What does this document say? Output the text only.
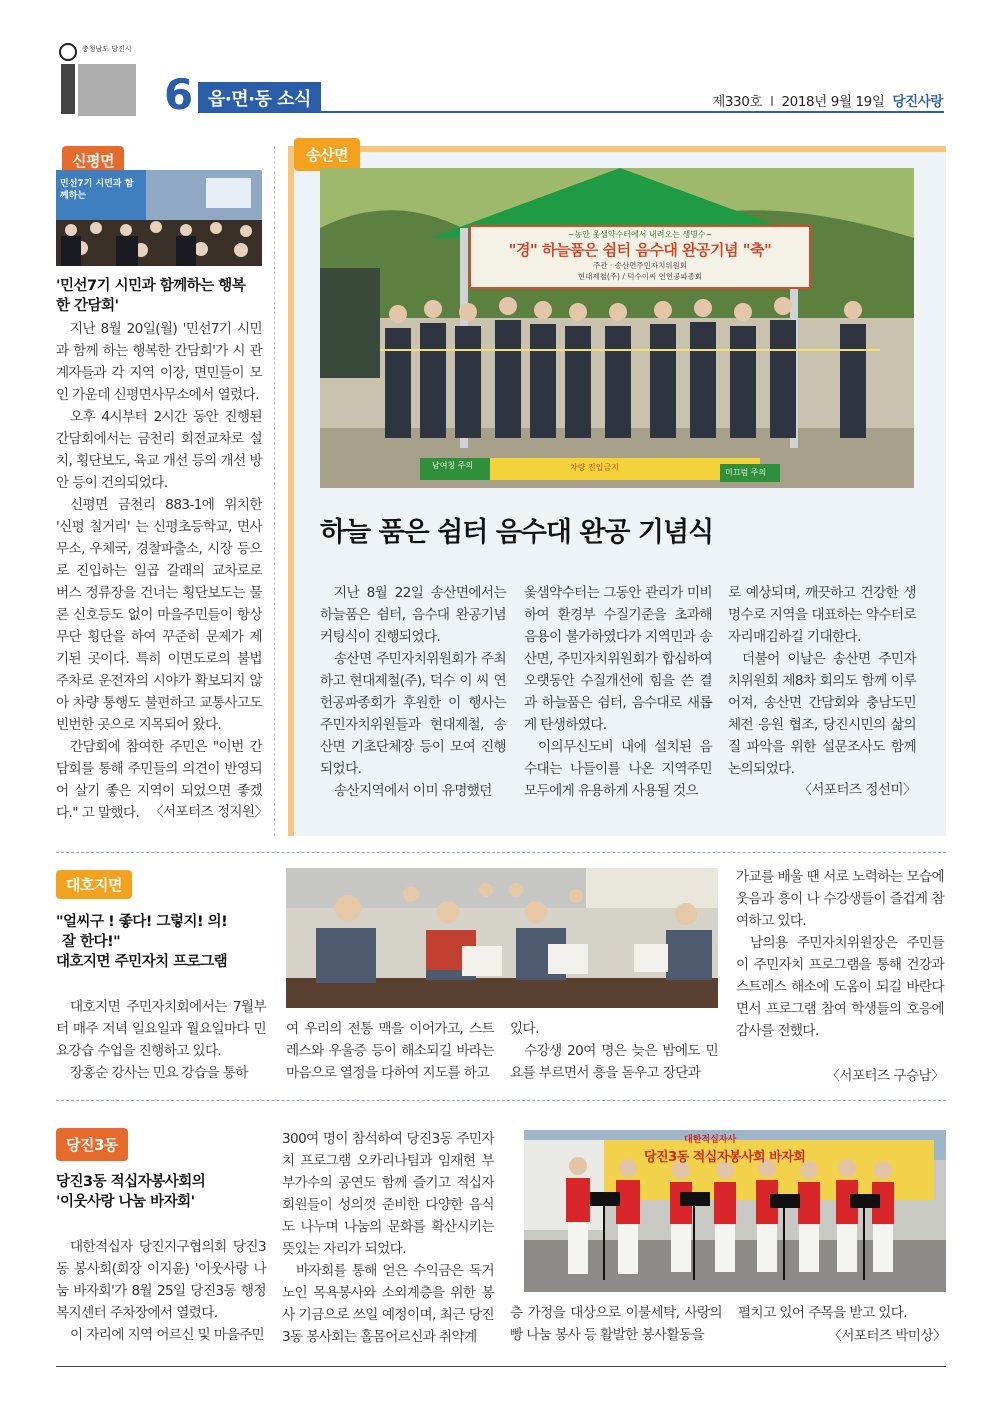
충청남도 당진시
6 읍·면·동 소식	제330호 I 2018년 9월 19일 당진사랑
신평면
민선7기 시민과 함께하는
'민선7기 시민과 함께하는 행복한 간담회'

지난 8월 20일(월) '민선7기 시민과 함께 하는 행복한 간담회'가 시 관계자들과 각 지역 이장, 면민들이 모인 가운데 신평면사무소에서 열렸다.

오후 4시부터 2시간 동안 진행된 간담회에서는 금천리 회전교차로 설치, 횡단보도, 육교 개선 등의 개선 방안 등이 건의되었다.

신평면 금천리 883-1에 위치한 '신평 칠거리' 는 신평초등학교, 면사무소, 우체국, 경찰파출소, 시장 등으로 진입하는 일곱 갈래의 교차로로 버스 정류장을 건너는 횡단보도는 물론 신호등도 없이 마을주민들이 항상 무단 횡단을 하여 꾸준히 문제가 제기된 곳이다. 특히 이면도로의 불법 주차로 운전자의 시야가 확보되지 않아 차량 통행도 불편하고 교통사고도 빈번한 곳으로 지목되어 왔다.

간담회에 참여한 주민은 "이번 간담회를 통해 주민들의 의견이 반영되어 살기 좋은 지역이 되었으면 좋겠다." 고 말했다. 〈서포터즈 정지원〉
송산면
~농안 옻샘약수터에서 내려오는 생명수~
"경" 하늘품은 쉼터 음수대 완공기념 "축"
주관 · 송산면주민자치위원회
현대제철(주) / 덕수이씨 연헌공파종회
남여칭 주의	차량 진입금지
미끄럼 주의
하늘 품은 쉼터 음수대 완공 기념식

지난 8월 22일 송산면에서는 하늘품은 쉼터, 음수대 완공기념 커팅식이 진행되었다.

송산면 주민자치위원회가 주최하고 현대제철(주), 덕수 이 씨 연헌공파종회가 후원한 이 행사는 주민자치위원들과 현대제철, 송산면 기초단체장 등이 모여 진행되었다.

송산지역에서 이미 유명했던

옻샘약수터는 그동안 관리가 미비하여 환경부 수질기준을 초과해 음용이 불가하였다가 지역민과 송산면, 주민자치위원회가 합심하여 오랫동안 수질개선에 힘을 쓴 결과 하늘품은 쉼터, 음수대로 새롭게 탄생하였다.

이의무신도비 내에 설치된 음수대는 나들이를 나온 지역주민 모두에게 유용하게 사용될 것으

로 예상되며, 깨끗하고 건강한 생명수로 지역을 대표하는 약수터로 자리매김하길 기대한다.

더불어 이날은 송산면 주민자치위원회 제8차 회의도 함께 이루어져, 송산면 간담회와 충남도민체전 응원 협조, 당진시민의 삶의 질 파악을 위한 설문조사도 함께 논의되었다.

〈서포터즈 정선미〉
대호지면
"얼씨구 ! 좋다! 그렇지! 의!
잘 한다!"
대호지면 주민자치 프로그램

대호지면 주민자치회에서는 7월부터 매주 저녁 일요일과 월요일마다 민요강습 수업을 진행하고 있다.

장홍순 강사는 민요 강습을 통하

여 우리의 전통 맥을 이어가고, 스트레스와 우울증 등이 해소되길 바라는 마음으로 열정을 다하여 지도를 하고

있다.

수강생 20여 명은 늦은 밤에도 민요를 부르면서 흥을 돋우고 장단과

가교를 배울 땐 서로 노력하는 모습에 웃음과 흥이 나 수강생들이 즐겁게 참여하고 있다.

남의용 주민자치위원장은 주민들이 주민자치 프로그램을 통해 건강과 스트레스 해소에 도움이 되길 바란다면서 프로그램 참여 학생들의 호응에 감사를 전했다.

〈서포터즈 구승남〉
당진3동
당진3동 적십자봉사회의
'이웃사랑 나눔 바자회'

대한적십자 당진지구협의회 당진3동 봉사회(회장 이지윤) '이웃사랑 나눔 바자회'가 8월 25일 당진3동 행정복지센터 주차장에서 열렸다.

이 자리에 지역 어르신 및 마을주민

300여 명이 참석하여 당진3동 주민자치 프로그램 오카리나팀과 임재현 부부가수의 공연도 함께 즐기고 적십자 회원들이 성의껏 준비한 다양한 음식도 나누며 나눔의 문화를 확산시키는 뜻있는 자리가 되었다.

바자회를 통해 얻은 수익금은 독거노인 목욕봉사와 소외계층을 위한 봉사 기금으로 쓰일 예정이며, 최근 당진3동 봉사회는 홀몸어르신과 취약계

대한적십자사
당진3동 적십자봉사회 바자회

층 가정을 대상으로 이불세탁, 사랑의 빵 나눔 봉사 등 활발한 봉사활동을

펼치고 있어 주목을 받고 있다.

〈서포터즈 박미상〉
